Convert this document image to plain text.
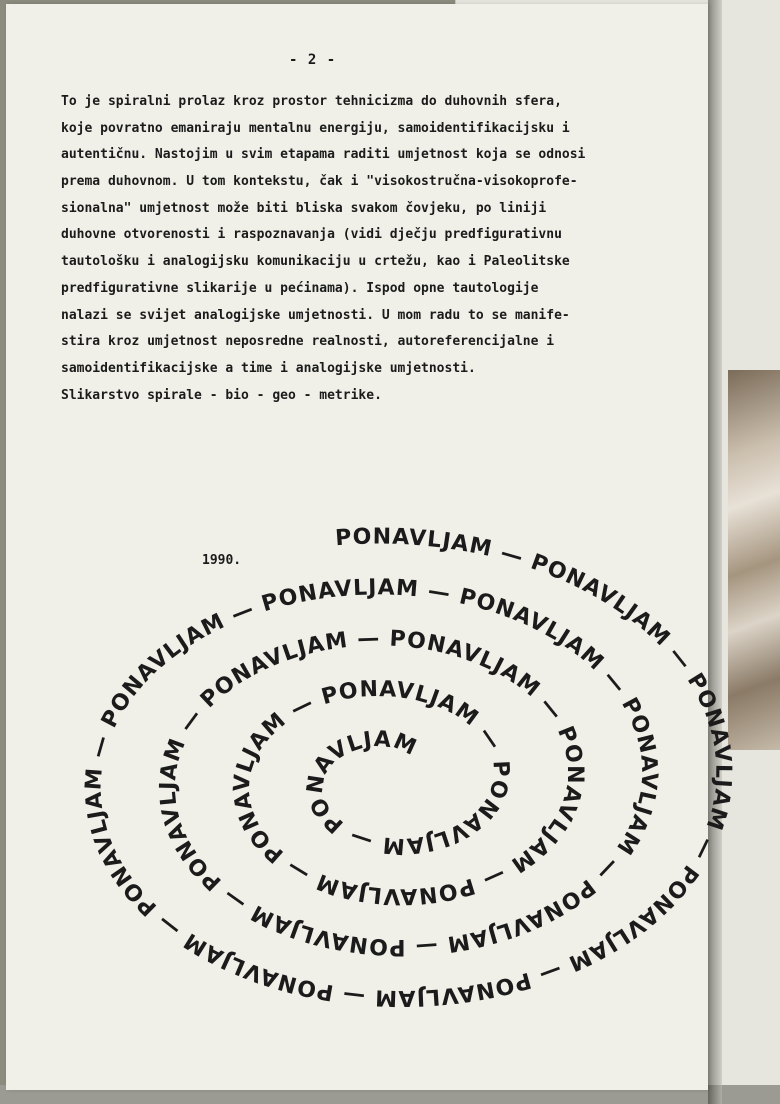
- 2 -
To je spiralni prolaz kroz prostor tehnicizma do duhovnih sfera,
koje povratno emaniraju mentalnu energiju, samoidentifikacijsku i
autentičnu. Nastojim u svim etapama raditi umjetnost koja se odnosi
prema duhovnom. U tom kontekstu, čak i "visokostručna-visokoprofe-
sionalna" umjetnost može biti bliska svakom čovjeku, po liniji
duhovne otvorenosti i raspoznavanja (vidi dječju predfigurativnu
tautološku i analogijsku komunikaciju u crtežu, kao i Paleolitske
predfigurativne slikarije u pećinama). Ispod opne tautologije
nalazi se svijet analogijske umjetnosti. U mom radu to se manife-
stira kroz umjetnost neposredne realnosti, autoreferencijalne i
samoidentifikacijske a time i analogijske umjetnosti.
Slikarstvo spirale - bio - geo - metrike.
1990.
PONAVLJAM — PONAVLJAM — PONAVLJAM — PONAVLJAM — PONAVLJAM — PONAVLJAM — PONAVLJAM — PONAVLJAM — PONAVLJAM — PONAVLJAM — PONAVLJAM — PONAVLJAM — PONAVLJAM — PONAVLJAM — PONAVLJAM — PONAVLJAM — PONAVLJAM — PONAVLJAM — PONAVLJAM — PONAVLJAM — PONAVLJAM — PONAVLJAM
